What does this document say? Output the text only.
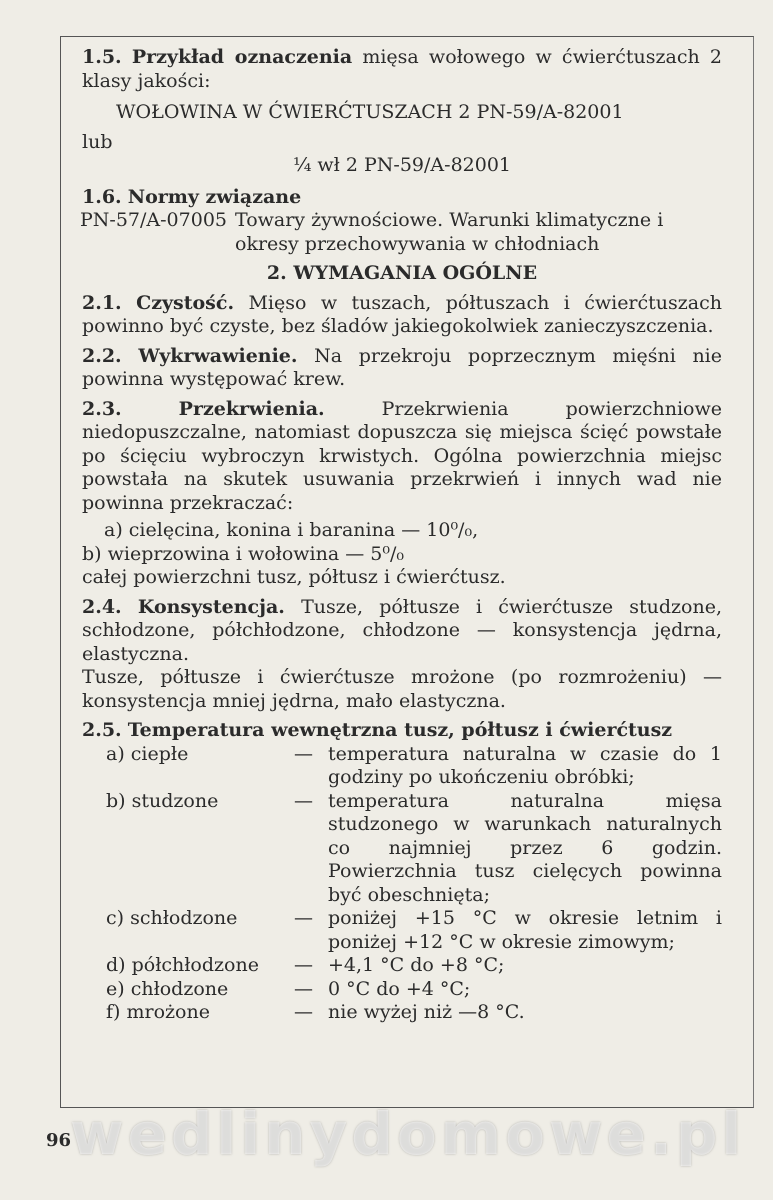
1.5. Przykład oznaczenia mięsa wołowego w ćwierćtuszach 2 klasy jakości:

WOŁOWINA W ĆWIERĆTUSZACH 2 PN-59/A-82001

lub

¼ wł 2 PN-59/A-82001

1.6. Normy związane

PN-57/A-07005 Towary żywnościowe. Warunki klimatyczne i okresy przechowywania w chłodniach

2. WYMAGANIA OGÓLNE

2.1. Czystość. Mięso w tuszach, półtuszach i ćwierćtuszach powinno być czyste, bez śladów jakiegokolwiek zanieczyszczenia.

2.2. Wykrwawienie. Na przekroju poprzecznym mięśni nie powinna występować krew.

2.3.	Przekrwienia. Przekrwienia powierzchniowe niedopuszczalne, natomiast dopuszcza się miejsca ścięć powstałe po ścięciu wybroczyn krwistych. Ogólna powierzchnia miejsc powstała na skutek usuwania przekrwień i innych wad nie powinna przekraczać:

a) cielęcina, konina i baranina — 10⁰/₀,

b) wieprzowina i wołowina — 5⁰/₀

całej powierzchni tusz, półtusz i ćwierćtusz.

2.4. Konsystencja. Tusze, półtusze i ćwierćtusze studzone, schłodzone, półchłodzone, chłodzone — konsystencja jędrna, elastyczna.

Tusze, półtusze i ćwierćtusze mrożone (po rozmrożeniu) — konsystencja mniej jędrna, mało elastyczna.

2.5. Temperatura wewnętrzna tusz, półtusz i ćwierćtusz

a) ciepłe	— temperatura naturalna w czasie do 1 godziny po ukończeniu obróbki;
b) studzone	— temperatura naturalna mięsa studzonego w warunkach naturalnych co najmniej przez 6 godzin. Powierzchnia tusz cielęcych powinna być obeschnięta;
c) schłodzone	— poniżej +15 °C w okresie letnim i poniżej +12 °C w okresie zimowym;
d) półchłodzone	— +4,1 °C do +8 °C;
e) chłodzone	— 0 °C do +4 °C;
f) mrożone	— nie wyżej niż —8 °C.
wedlinydomowe.pl
96
